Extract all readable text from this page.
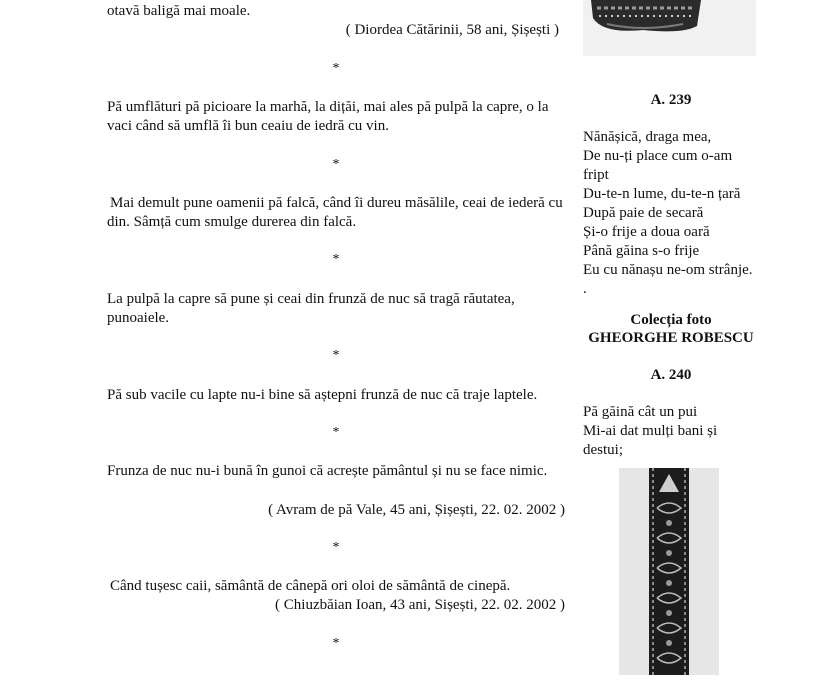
otavă baligă mai moale.

( Diordea Cătărinii, 58 ani, Șișești )

*

Pă umflături pă picioare la marhă, la dițăi, mai ales pă pulpă la capre, o la vaci când să umflă îi bun ceaiu de iedră cu vin.

*

Mai demult pune oamenii pă falcă, când îi dureu măsălile, ceai de iederă cu din. Sâmță cum smulge durerea din falcă.

*

La pulpă la capre să pune și ceai din frunză de nuc să tragă răutatea, punoaiele.

*

Pă sub vacile cu lapte nu-i bine să aștерni frunză de nuc că traje laptele.

*

Frunza de nuc nu-i bună în gunoi că acrește pământul și nu se face nimic.

( Avram de pă Vale, 45 ani, Șișești, 22. 02. 2002 )

*

Când tușesc caii, sământă de cânepă ori oloi de sământă de cinepă.

( Chiuzbăian Ioan, 43 ani, Sișești, 22. 02. 2002 )

*

A. 239

Nănășică, draga mea,
De nu-ți place cum o-am
fript
Du-te-n lume, du-te-n țară
După paie de secară
Și-o frije a doua oară
Până găina s-o frije
Eu cu nănașu ne-om strânje.
.

Colecția foto

GHEORGHE ROBESCU

A. 240

Pă găină cât un pui
Mi-ai dat mulți bani și
destui;
